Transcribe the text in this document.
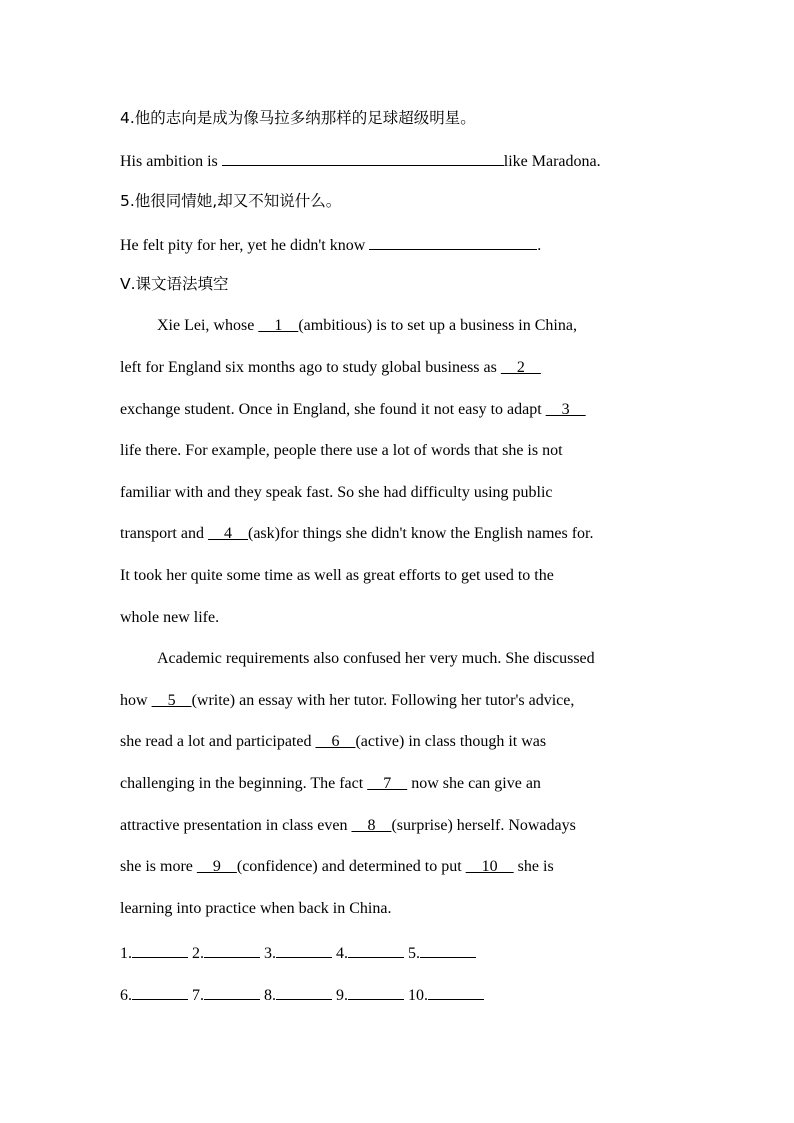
4.他的志向是成为像马拉多纳那样的足球超级明星。
His ambition is	like Maradona.
5.他很同情她,却又不知说什么。
He felt pity for her, yet he didn't know	.
Ⅴ.课文语法填空
Xie Lei, whose     1    (ambitious) is to set up a business in China,
left for England six months ago to study global business as     2
exchange student. Once in England, she found it not easy to adapt     3
life there. For example, people there use a lot of words that she is not
familiar with and they speak fast. So she had difficulty using public
transport and     4    (ask)for things she didn't know the English names for.
It took her quite some time as well as great efforts to get used to the
whole new life.
Academic requirements also confused her very much. She discussed
how     5    (write) an essay with her tutor. Following her tutor's advice,
she read a lot and participated     6    (active) in class though it was
challenging in the beginning. The fact     7     now she can give an
attractive presentation in class even     8    (surprise) herself. Nowadays
she is more     9    (confidence) and determined to put     10     she is
learning into practice when back in China.
1.	2.	3.	4.	5.
6.	7.	8.	9.	10.
